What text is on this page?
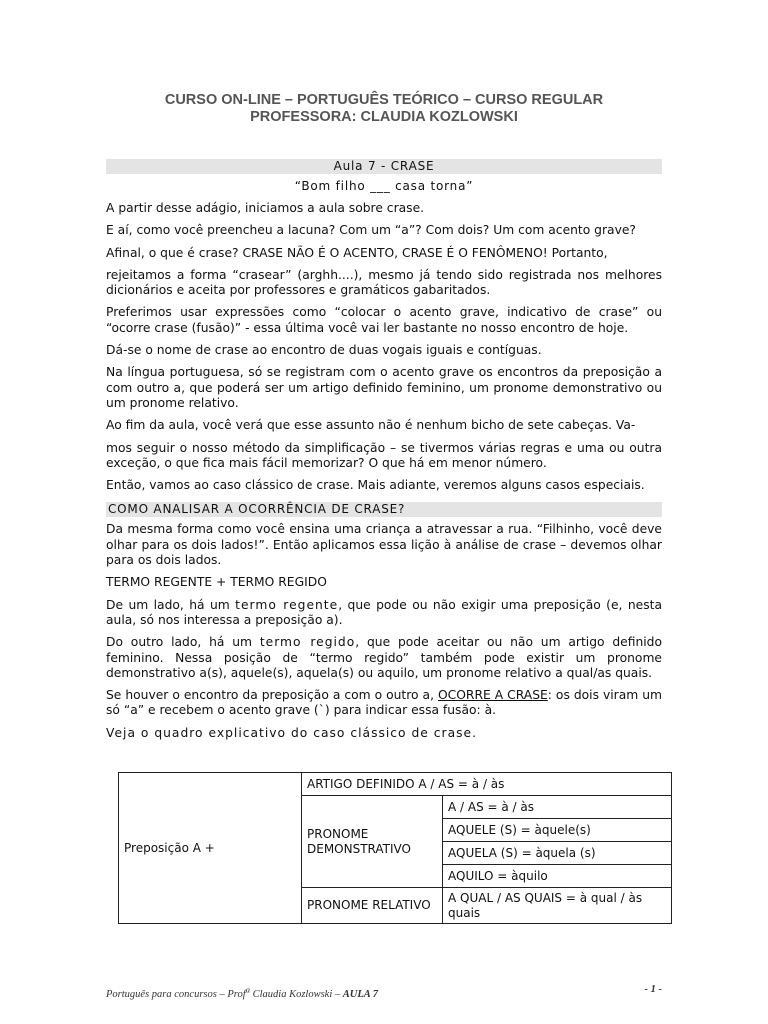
CURSO ON-LINE – PORTUGUÊS TEÓRICO – CURSO REGULAR
PROFESSORA: CLAUDIA KOZLOWSKI
Aula 7 - CRASE
“Bom filho ___ casa torna”

A partir desse adágio, iniciamos a aula sobre crase.

E aí, como você preencheu a lacuna? Com um “a”? Com dois? Um com acento grave?

Afinal, o que é crase? CRASE NÃO É O ACENTO, CRASE É O FENÔMENO! Portanto,

rejeitamos a forma “crasear” (arghh....), mesmo já tendo sido registrada nos melhores dicionários e aceita por professores e gramáticos gabaritados.

Preferimos usar expressões como “colocar o acento grave, indicativo de crase” ou “ocorre crase (fusão)” - essa última você vai ler bastante no nosso encontro de hoje.

Dá-se o nome de crase ao encontro de duas vogais iguais e contíguas.

Na língua portuguesa, só se registram com o acento grave os encontros da preposição a com outro a, que poderá ser um artigo definido feminino, um pronome demonstrativo ou um pronome relativo.

Ao fim da aula, você verá que esse assunto não é nenhum bicho de sete cabeças. Va-

mos seguir o nosso método da simplificação – se tivermos várias regras e uma ou outra exceção, o que fica mais fácil memorizar? O que há em menor número.

Então, vamos ao caso clássico de crase. Mais adiante, veremos alguns casos especiais.

COMO ANALISAR A OCORRÊNCIA DE CRASE?

Da mesma forma como você ensina uma criança a atravessar a rua. “Filhinho, você deve olhar para os dois lados!”. Então aplicamos essa lição à análise de crase – devemos olhar para os dois lados.

TERMO REGENTE + TERMO REGIDO

De um lado, há um termo regente, que pode ou não exigir uma preposição (e, nesta aula, só nos interessa a preposição a).

Do outro lado, há um termo regido, que pode aceitar ou não um artigo definido feminino. Nessa posição de “termo regido” também pode existir um pronome demonstrativo a(s), aquele(s), aquela(s) ou aquilo, um pronome relativo a qual/as quais.

Se houver o encontro da preposição a com o outro a, OCORRE A CRASE: os dois viram um só “a” e recebem o acento grave (`) para indicar essa fusão: à.

Veja o quadro explicativo do caso clássico de crase.

Preposição A +	ARTIGO DEFINIDO A / AS = à / às	
	PRONOME DEMONSTRATIVO	A / AS = à / às
		AQUELE (S) = àquele(s)
		AQUELA (S) = àquela (s)
		AQUILO = àquilo
	PRONOME RELATIVO	A QUAL / AS QUAIS = à qual / às quais
Português para concursos – Prof$^a$ Claudia Kozlowski – AULA 7	- 1 -
